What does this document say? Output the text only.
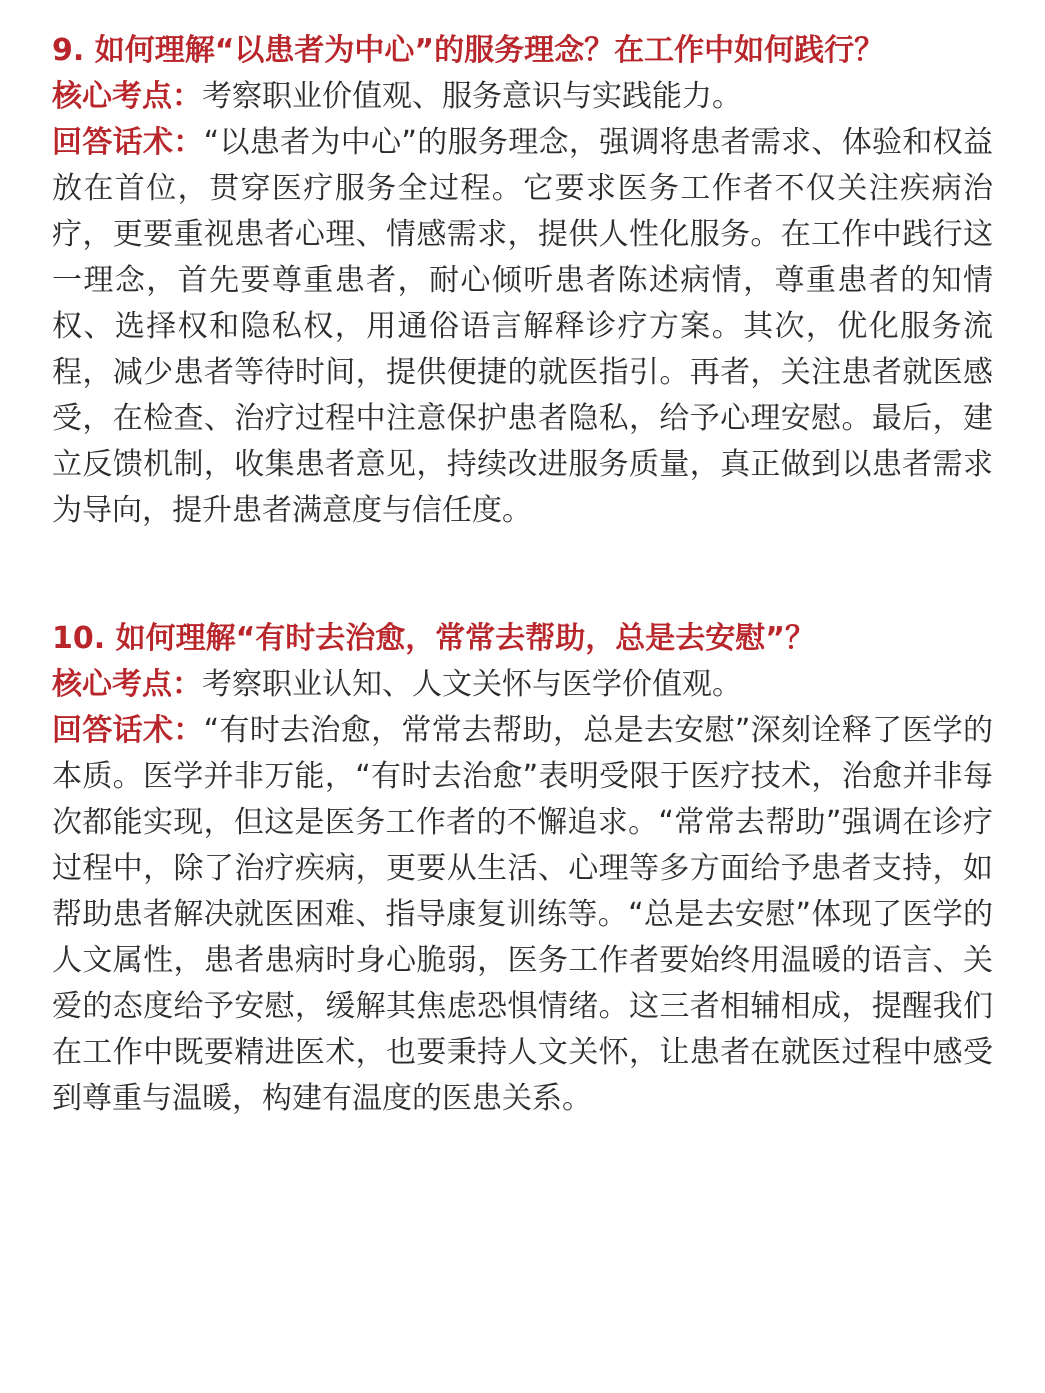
9. 如何理解“以患者为中心”的服务理念？在工作中如何践行？

核心考点：考察职业价值观、服务意识与实践能力。

回答话术：“以患者为中心”的服务理念，强调将患者需求、体验和权益放在首位，贯穿医疗服务全过程。它要求医务工作者不仅关注疾病治疗，更要重视患者心理、情感需求，提供人性化服务。在工作中践行这一理念，首先要尊重患者，耐心倾听患者陈述病情，尊重患者的知情权、选择权和隐私权，用通俗语言解释诊疗方案。其次，优化服务流程，减少患者等待时间，提供便捷的就医指引。再者，关注患者就医感受，在检查、治疗过程中注意保护患者隐私，给予心理安慰。最后，建立反馈机制，收集患者意见，持续改进服务质量，真正做到以患者需求为导向，提升患者满意度与信任度。

10. 如何理解“有时去治愈，常常去帮助，总是去安慰”？

核心考点：考察职业认知、人文关怀与医学价值观。

回答话术：“有时去治愈，常常去帮助，总是去安慰”深刻诠释了医学的本质。医学并非万能，“有时去治愈”表明受限于医疗技术，治愈并非每次都能实现，但这是医务工作者的不懈追求。“常常去帮助”强调在诊疗过程中，除了治疗疾病，更要从生活、心理等多方面给予患者支持，如帮助患者解决就医困难、指导康复训练等。“总是去安慰”体现了医学的人文属性，患者患病时身心脆弱，医务工作者要始终用温暖的语言、关爱的态度给予安慰，缓解其焦虑恐惧情绪。这三者相辅相成，提醒我们在工作中既要精进医术，也要秉持人文关怀，让患者在就医过程中感受到尊重与温暖，构建有温度的医患关系。
